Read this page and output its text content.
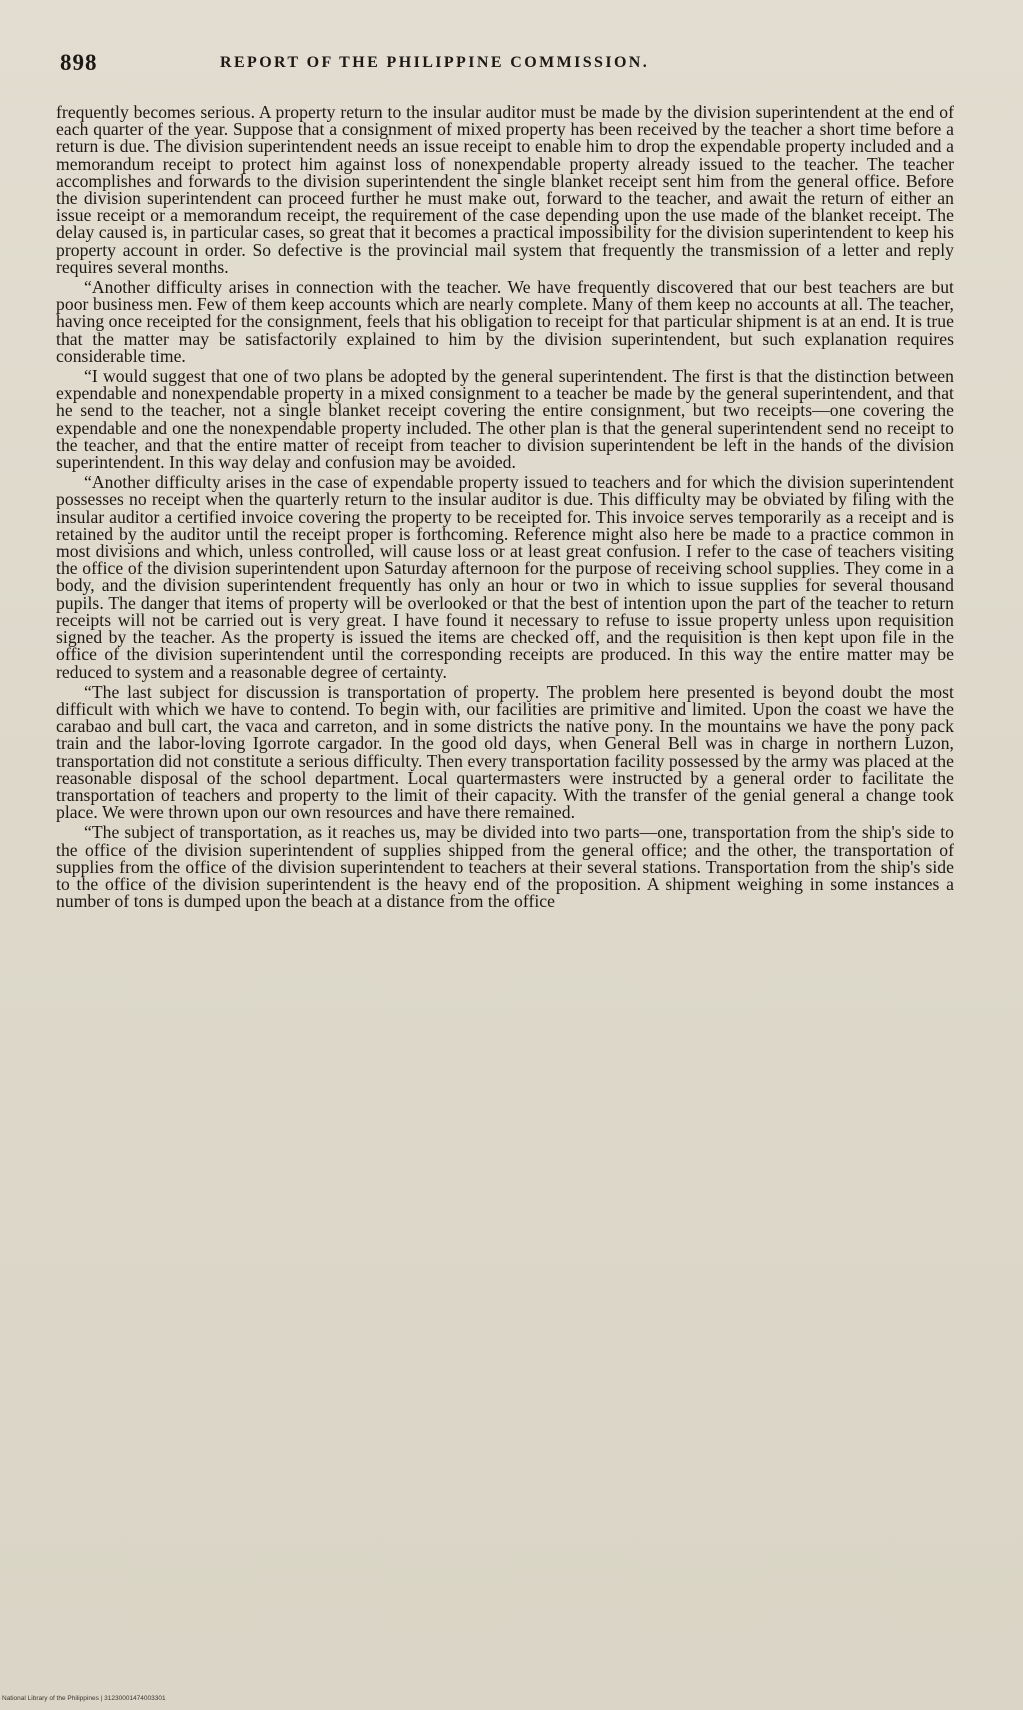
898	REPORT OF THE PHILIPPINE COMMISSION.

frequently becomes serious. A property return to the insular auditor must be made by the division superintendent at the end of each quarter of the year. Suppose that a consignment of mixed property has been received by the teacher a short time before a return is due. The division superintendent needs an issue receipt to enable him to drop the expendable property included and a memorandum receipt to protect him against loss of nonexpendable property already issued to the teacher. The teacher accomplishes and forwards to the division superintendent the single blanket receipt sent him from the general office. Before the division superintendent can proceed further he must make out, forward to the teacher, and await the return of either an issue receipt or a memorandum receipt, the requirement of the case depending upon the use made of the blanket receipt. The delay caused is, in particular cases, so great that it becomes a practical impossibility for the division superintendent to keep his property account in order. So defective is the provincial mail system that frequently the transmission of a letter and reply requires several months.

“Another difficulty arises in connection with the teacher. We have frequently discovered that our best teachers are but poor business men. Few of them keep accounts which are nearly complete. Many of them keep no accounts at all. The teacher, having once receipted for the consignment, feels that his obligation to receipt for that particular shipment is at an end. It is true that the matter may be satisfactorily explained to him by the division superintendent, but such explanation requires considerable time.

“I would suggest that one of two plans be adopted by the general superintendent. The first is that the distinction between expendable and nonexpendable property in a mixed consignment to a teacher be made by the general superintendent, and that he send to the teacher, not a single blanket receipt covering the entire consignment, but two receipts—one covering the expendable and one the nonexpendable property included. The other plan is that the general superintendent send no receipt to the teacher, and that the entire matter of receipt from teacher to division superintendent be left in the hands of the division superintendent. In this way delay and confusion may be avoided.

“Another difficulty arises in the case of expendable property issued to teachers and for which the division superintendent possesses no receipt when the quarterly return to the insular auditor is due. This difficulty may be obviated by filing with the insular auditor a certified invoice covering the property to be receipted for. This invoice serves temporarily as a receipt and is retained by the auditor until the receipt proper is forthcoming. Reference might also here be made to a practice common in most divisions and which, unless controlled, will cause loss or at least great confusion. I refer to the case of teachers visiting the office of the division superintendent upon Saturday afternoon for the purpose of receiving school supplies. They come in a body, and the division superintendent frequently has only an hour or two in which to issue supplies for several thousand pupils. The danger that items of property will be overlooked or that the best of intention upon the part of the teacher to return receipts will not be carried out is very great. I have found it necessary to refuse to issue property unless upon requisition signed by the teacher. As the property is issued the items are checked off, and the requisition is then kept upon file in the office of the division superintendent until the corresponding receipts are produced. In this way the entire matter may be reduced to system and a reasonable degree of certainty.

“The last subject for discussion is transportation of property. The problem here presented is beyond doubt the most difficult with which we have to contend. To begin with, our facilities are primitive and limited. Upon the coast we have the carabao and bull cart, the vaca and carreton, and in some districts the native pony. In the mountains we have the pony pack train and the labor-loving Igorrote cargador. In the good old days, when General Bell was in charge in northern Luzon, transportation did not constitute a serious difficulty. Then every transportation facility possessed by the army was placed at the reasonable disposal of the school department. Local quartermasters were instructed by a general order to facilitate the transportation of teachers and property to the limit of their capacity. With the transfer of the genial general a change took place. We were thrown upon our own resources and have there remained.

“The subject of transportation, as it reaches us, may be divided into two parts—one, transportation from the ship's side to the office of the division superintendent of supplies shipped from the general office; and the other, the transportation of supplies from the office of the division superintendent to teachers at their several stations. Transportation from the ship's side to the office of the division superintendent is the heavy end of the proposition. A shipment weighing in some instances a number of tons is dumped upon the beach at a distance from the office

National Library of the Philippines | 31230001474003301
